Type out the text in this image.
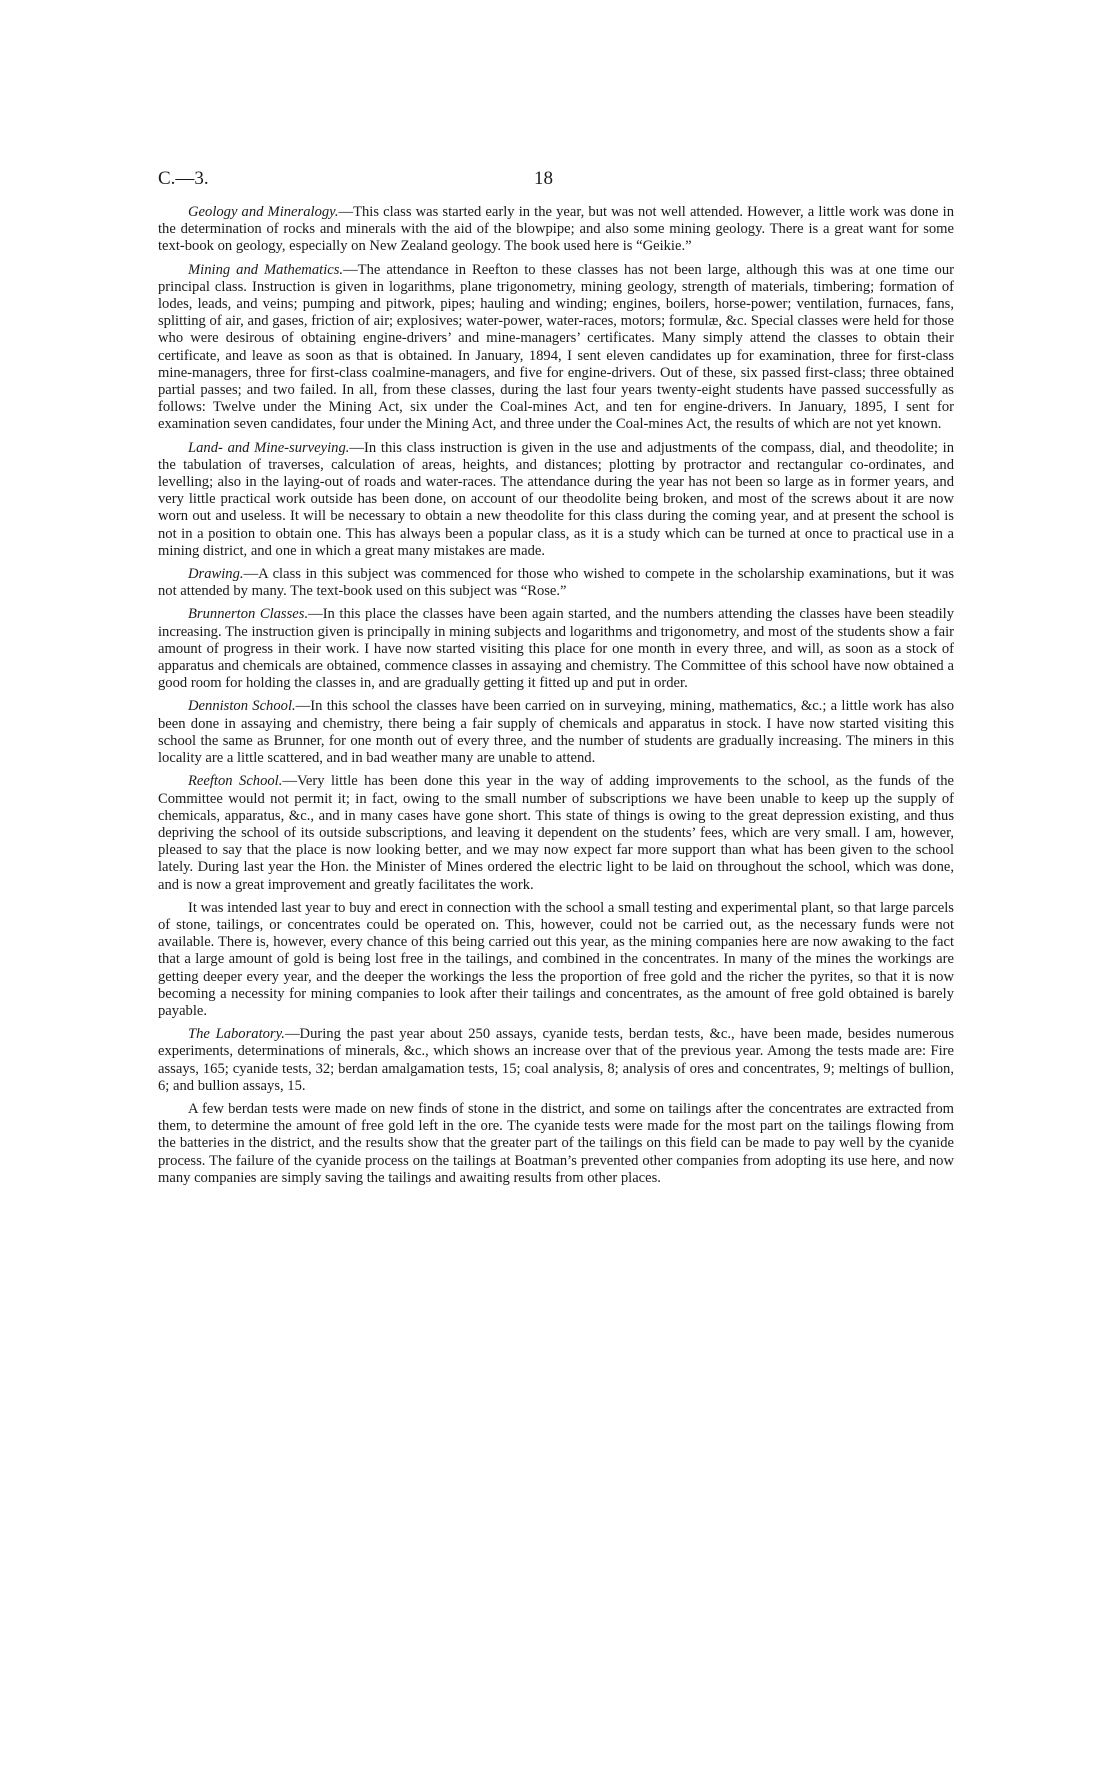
C.—3.	18

Geology and Mineralogy.—This class was started early in the year, but was not well attended. However, a little work was done in the determination of rocks and minerals with the aid of the blowpipe; and also some mining geology. There is a great want for some text-book on geology, especially on New Zealand geology. The book used here is “Geikie.”

Mining and Mathematics.—The attendance in Reefton to these classes has not been large, although this was at one time our principal class. Instruction is given in logarithms, plane trigonometry, mining geology, strength of materials, timbering; formation of lodes, leads, and veins; pumping and pitwork, pipes; hauling and winding; engines, boilers, horse-power; ventilation, furnaces, fans, splitting of air, and gases, friction of air; explosives; water-power, water-races, motors; formulæ, &c. Special classes were held for those who were desirous of obtaining engine-drivers’ and mine-managers’ certificates. Many simply attend the classes to obtain their certificate, and leave as soon as that is obtained. In January, 1894, I sent eleven candidates up for examination, three for first-class mine-managers, three for first-class coalmine-managers, and five for engine-drivers. Out of these, six passed first-class; three obtained partial passes; and two failed. In all, from these classes, during the last four years twenty-eight students have passed successfully as follows: Twelve under the Mining Act, six under the Coal-mines Act, and ten for engine-drivers. In January, 1895, I sent for examination seven candidates, four under the Mining Act, and three under the Coal-mines Act, the results of which are not yet known.

Land- and Mine-surveying.—In this class instruction is given in the use and adjustments of the compass, dial, and theodolite; in the tabulation of traverses, calculation of areas, heights, and distances; plotting by protractor and rectangular co-ordinates, and levelling; also in the laying-out of roads and water-races. The attendance during the year has not been so large as in former years, and very little practical work outside has been done, on account of our theodolite being broken, and most of the screws about it are now worn out and useless. It will be necessary to obtain a new theodolite for this class during the coming year, and at present the school is not in a position to obtain one. This has always been a popular class, as it is a study which can be turned at once to practical use in a mining district, and one in which a great many mistakes are made.

Drawing.—A class in this subject was commenced for those who wished to compete in the scholarship examinations, but it was not attended by many. The text-book used on this subject was “Rose.”

Brunnerton Classes.—In this place the classes have been again started, and the numbers attending the classes have been steadily increasing. The instruction given is principally in mining subjects and logarithms and trigonometry, and most of the students show a fair amount of progress in their work. I have now started visiting this place for one month in every three, and will, as soon as a stock of apparatus and chemicals are obtained, commence classes in assaying and chemistry. The Committee of this school have now obtained a good room for holding the classes in, and are gradually getting it fitted up and put in order.

Denniston School.—In this school the classes have been carried on in surveying, mining, mathematics, &c.; a little work has also been done in assaying and chemistry, there being a fair supply of chemicals and apparatus in stock. I have now started visiting this school the same as Brunner, for one month out of every three, and the number of students are gradually increasing. The miners in this locality are a little scattered, and in bad weather many are unable to attend.

Reefton School.—Very little has been done this year in the way of adding improvements to the school, as the funds of the Committee would not permit it; in fact, owing to the small number of subscriptions we have been unable to keep up the supply of chemicals, apparatus, &c., and in many cases have gone short. This state of things is owing to the great depression existing, and thus depriving the school of its outside subscriptions, and leaving it dependent on the students’ fees, which are very small. I am, however, pleased to say that the place is now looking better, and we may now expect far more support than what has been given to the school lately. During last year the Hon. the Minister of Mines ordered the electric light to be laid on throughout the school, which was done, and is now a great improvement and greatly facilitates the work.

It was intended last year to buy and erect in connection with the school a small testing and experimental plant, so that large parcels of stone, tailings, or concentrates could be operated on. This, however, could not be carried out, as the necessary funds were not available. There is, however, every chance of this being carried out this year, as the mining companies here are now awaking to the fact that a large amount of gold is being lost free in the tailings, and combined in the concentrates. In many of the mines the workings are getting deeper every year, and the deeper the workings the less the proportion of free gold and the richer the pyrites, so that it is now becoming a necessity for mining companies to look after their tailings and concentrates, as the amount of free gold obtained is barely payable.

The Laboratory.—During the past year about 250 assays, cyanide tests, berdan tests, &c., have been made, besides numerous experiments, determinations of minerals, &c., which shows an increase over that of the previous year. Among the tests made are: Fire assays, 165; cyanide tests, 32; berdan amalgamation tests, 15; coal analysis, 8; analysis of ores and concentrates, 9; meltings of bullion, 6; and bullion assays, 15.

A few berdan tests were made on new finds of stone in the district, and some on tailings after the concentrates are extracted from them, to determine the amount of free gold left in the ore. The cyanide tests were made for the most part on the tailings flowing from the batteries in the district, and the results show that the greater part of the tailings on this field can be made to pay well by the cyanide process. The failure of the cyanide process on the tailings at Boatman’s prevented other companies from adopting its use here, and now many companies are simply saving the tailings and awaiting results from other places.
